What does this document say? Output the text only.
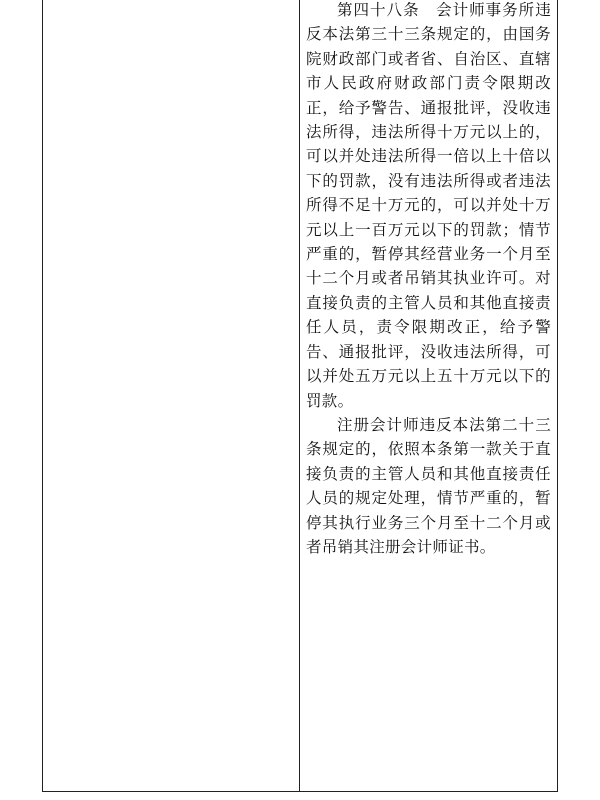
第四十八条　会计师事务所违反本法第三十三条规定的，由国务院财政部门或者省、自治区、直辖市人民政府财政部门责令限期改正，给予警告、通报批评，没收违法所得，违法所得十万元以上的，可以并处违法所得一倍以上十倍以下的罚款，没有违法所得或者违法所得不足十万元的，可以并处十万元以上一百万元以下的罚款；情节严重的，暂停其经营业务一个月至十二个月或者吊销其执业许可。对直接负责的主管人员和其他直接责任人员，责令限期改正，给予警告、通报批评，没收违法所得，可以并处五万元以上五十万元以下的罚款。

注册会计师违反本法第二十三条规定的，依照本条第一款关于直接负责的主管人员和其他直接责任人员的规定处理，情节严重的，暂停其执行业务三个月至十二个月或者吊销其注册会计师证书。
